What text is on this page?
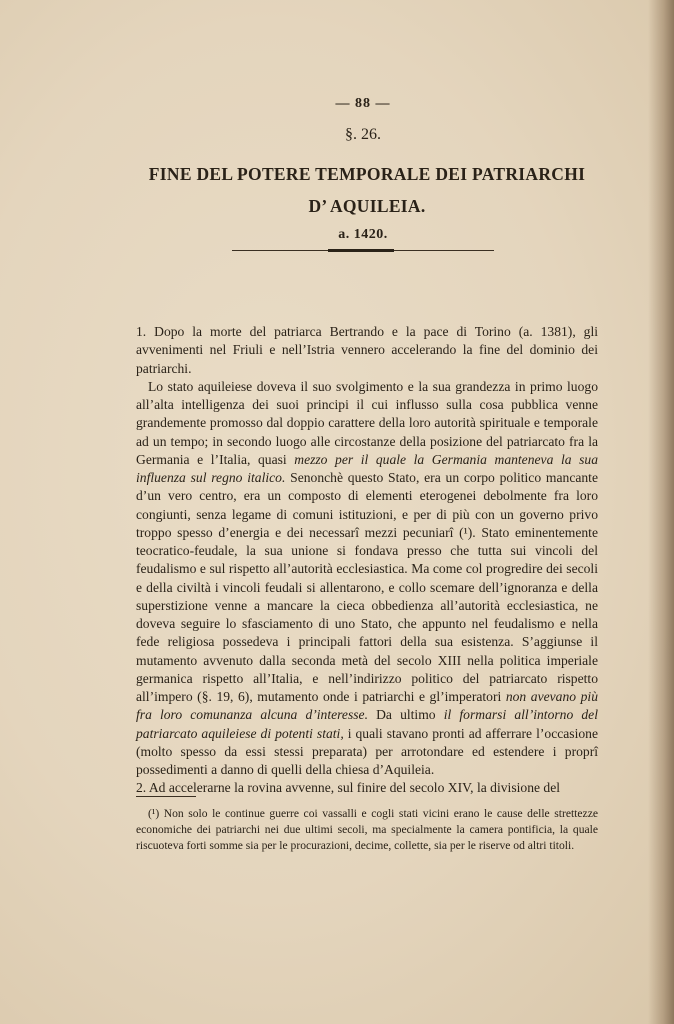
— 88 —
§. 26.
FINE DEL POTERE TEMPORALE DEI PATRIARCHI
D’ AQUILEIA.
a. 1420.

1. Dopo la morte del patriarca Bertrando e la pace di Torino (a. 1381), gli avvenimenti nel Friuli e nell’Istria vennero accelerando la fine del dominio dei patriarchi.

Lo stato aquileiese doveva il suo svolgimento e la sua grandezza in primo luogo all’alta intelligenza dei suoi principi il cui influsso sulla cosa pubblica venne grandemente promosso dal doppio carattere della loro autorità spirituale e temporale ad un tempo; in secondo luogo alle circostanze della posizione del patriarcato fra la Germania e l’Italia, quasi mezzo per il quale la Germania manteneva la sua influenza sul regno italico. Senonchè questo Stato, era un corpo politico mancante d’un vero centro, era un composto di elementi eterogenei debolmente fra loro congiunti, senza legame di comuni istituzioni, e per di più con un governo privo troppo spesso d’energia e dei necessarî mezzi pecuniarî (¹). Stato eminentemente teocratico-feudale, la sua unione si fondava presso che tutta sui vincoli del feudalismo e sul rispetto all’autorità ecclesiastica. Ma come col progredire dei secoli e della civiltà i vincoli feudali si allentarono, e collo scemare dell’ignoranza e della superstizione venne a mancare la cieca obbedienza all’autorità ecclesiastica, ne doveva seguire lo sfasciamento di uno Stato, che appunto nel feudalismo e nella fede religiosa possedeva i principali fattori della sua esistenza. S’aggiunse il mutamento avvenuto dalla seconda metà del secolo XIII nella politica imperiale germanica rispetto all’Italia, e nell’indirizzo politico del patriarcato rispetto all’impero (§. 19, 6), mutamento onde i patriarchi e gl’imperatori non avevano più fra loro comunanza alcuna d’interesse. Da ultimo il formarsi all’intorno del patriarcato aquileiese di potenti stati, i quali stavano pronti ad afferrare l’occasione (molto spesso da essi stessi preparata) per arrotondare ed estendere i proprî possedimenti a danno di quelli della chiesa d’Aquileia.

2. Ad accelerarne la rovina avvenne, sul finire del secolo XIV, la divisione del

(¹) Non solo le continue guerre coi vassalli e cogli stati vicini erano le cause delle strettezze economiche dei patriarchi nei due ultimi secoli, ma specialmente la camera pontificia, la quale riscuoteva forti somme sia per le procurazioni, decime, collette, sia per le riserve od altri titoli.
